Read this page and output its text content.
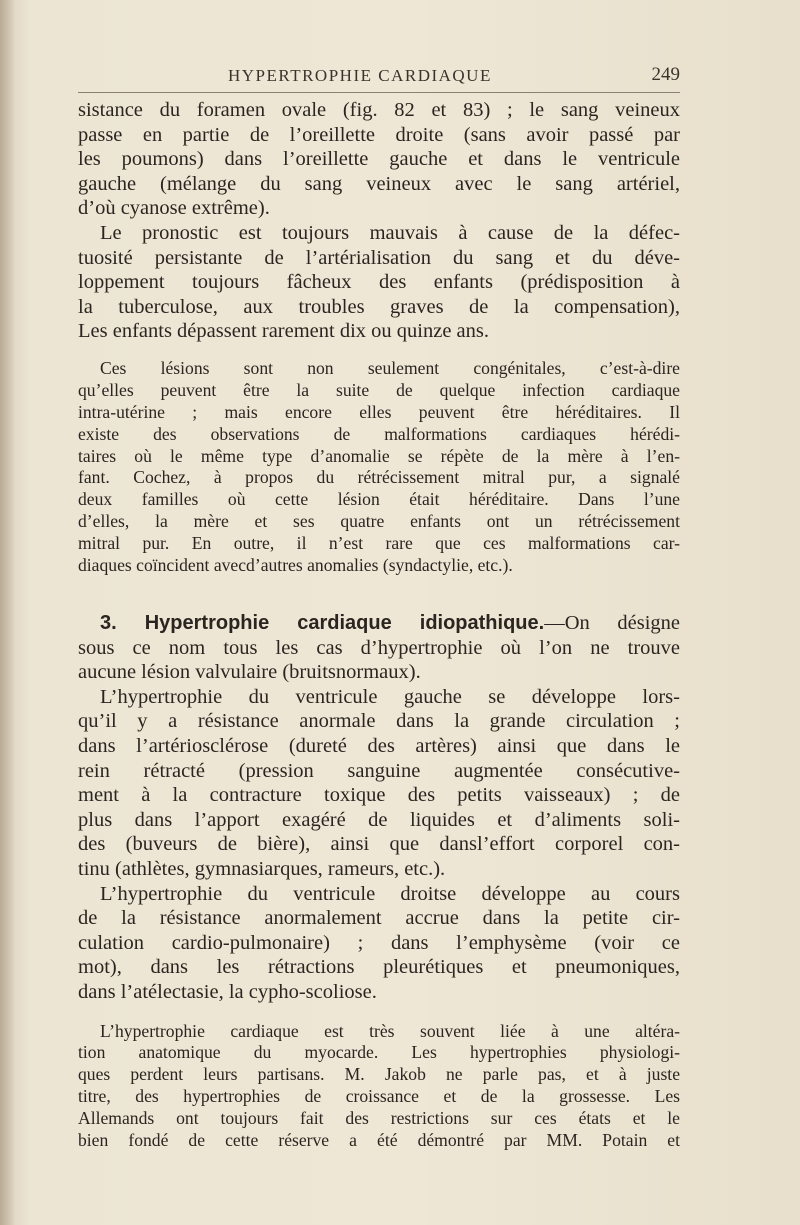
HYPERTROPHIE CARDIAQUE	249

sistance du foramen ovale (fig. 82 et 83) ; le sang veineux

passe en partie de l’oreillette droite (sans avoir passé par

les poumons) dans l’oreillette gauche et dans le ventricule

gauche (mélange du sang veineux avec le sang artériel,

d’où cyanose extrême).

Le pronostic est toujours mauvais à cause de la défec-

tuosité persistante de l’artérialisation du sang et du déve-

loppement toujours fâcheux des enfants (prédisposition à

la tuberculose, aux troubles graves de la compensation),

Les enfants dépassent rarement dix ou quinze ans.

Ces lésions sont non seulement congénitales, c’est-à-dire

qu’elles peuvent être la suite de quelque infection cardiaque

intra-utérine ; mais encore elles peuvent être héréditaires. Il

existe des observations de malformations cardiaques hérédi-

taires où le même type d’anomalie se répète de la mère à l’en-

fant. Cochez, à propos du rétrécissement mitral pur, a signalé

deux familles où cette lésion était héréditaire. Dans l’une

d’elles, la mère et ses quatre enfants ont un rétrécissement

mitral pur. En outre, il n’est rare que ces malformations car-

diaques coïncident avecd’autres anomalies (syndactylie, etc.).

3. Hypertrophie cardiaque idiopathique.—On désigne

sous ce nom tous les cas d’hypertrophie où l’on ne trouve

aucune lésion valvulaire (bruitsnormaux).

L’hypertrophie du ventricule gauche se développe lors-

qu’il y a résistance anormale dans la grande circulation ;

dans l’artériosclérose (dureté des artères) ainsi que dans le

rein rétracté (pression sanguine augmentée consécutive-

ment à la contracture toxique des petits vaisseaux) ; de

plus dans l’apport exagéré de liquides et d’aliments soli-

des (buveurs de bière), ainsi que dansl’effort corporel con-

tinu (athlètes, gymnasiarques, rameurs, etc.).

L’hypertrophie du ventricule droitse développe au cours

de la résistance anormalement accrue dans la petite cir-

culation cardio-pulmonaire) ; dans l’emphysème (voir ce

mot), dans les rétractions pleurétiques et pneumoniques,

dans l’atélectasie, la cypho-scoliose.

L’hypertrophie cardiaque est très souvent liée à une altéra-

tion anatomique du myocarde. Les hypertrophies physiologi-

ques perdent leurs partisans. M. Jakob ne parle pas, et à juste

titre, des hypertrophies de croissance et de la grossesse. Les

Allemands ont toujours fait des restrictions sur ces états et le

bien fondé de cette réserve a été démontré par MM. Potain et
